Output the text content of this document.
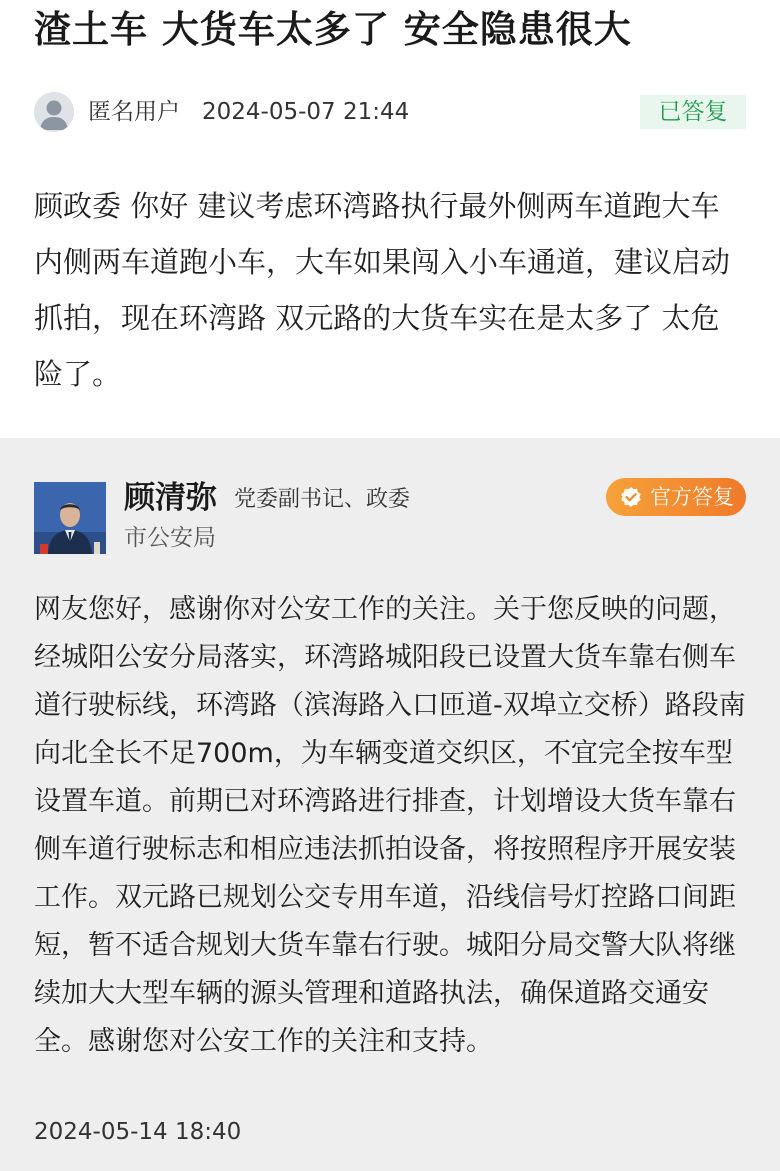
渣土车 大货车太多了 安全隐患很大
匿名用户 2024-05-07 21:44	已答复

顾政委 你好 建议考虑环湾路执行最外侧两车道跑大车 内侧两车道跑小车，大车如果闯入小车通道，建议启动抓拍，现在环湾路 双元路的大货车实在是太多了 太危险了。

顾清弥 党委副书记、政委
市公安局
官方答复

网友您好，感谢你对公安工作的关注。关于您反映的问题，经城阳公安分局落实，环湾路城阳段已设置大货车靠右侧车道行驶标线，环湾路（滨海路入口匝道-双埠立交桥）路段南向北全长不足700m，为车辆变道交织区，不宜完全按车型设置车道。前期已对环湾路进行排查，计划增设大货车靠右侧车道行驶标志和相应违法抓拍设备，将按照程序开展安装工作。双元路已规划公交专用车道，沿线信号灯控路口间距短，暂不适合规划大货车靠右行驶。城阳分局交警大队将继续加大大型车辆的源头管理和道路执法，确保道路交通安全。感谢您对公安工作的关注和支持。

2024-05-14 18:40
